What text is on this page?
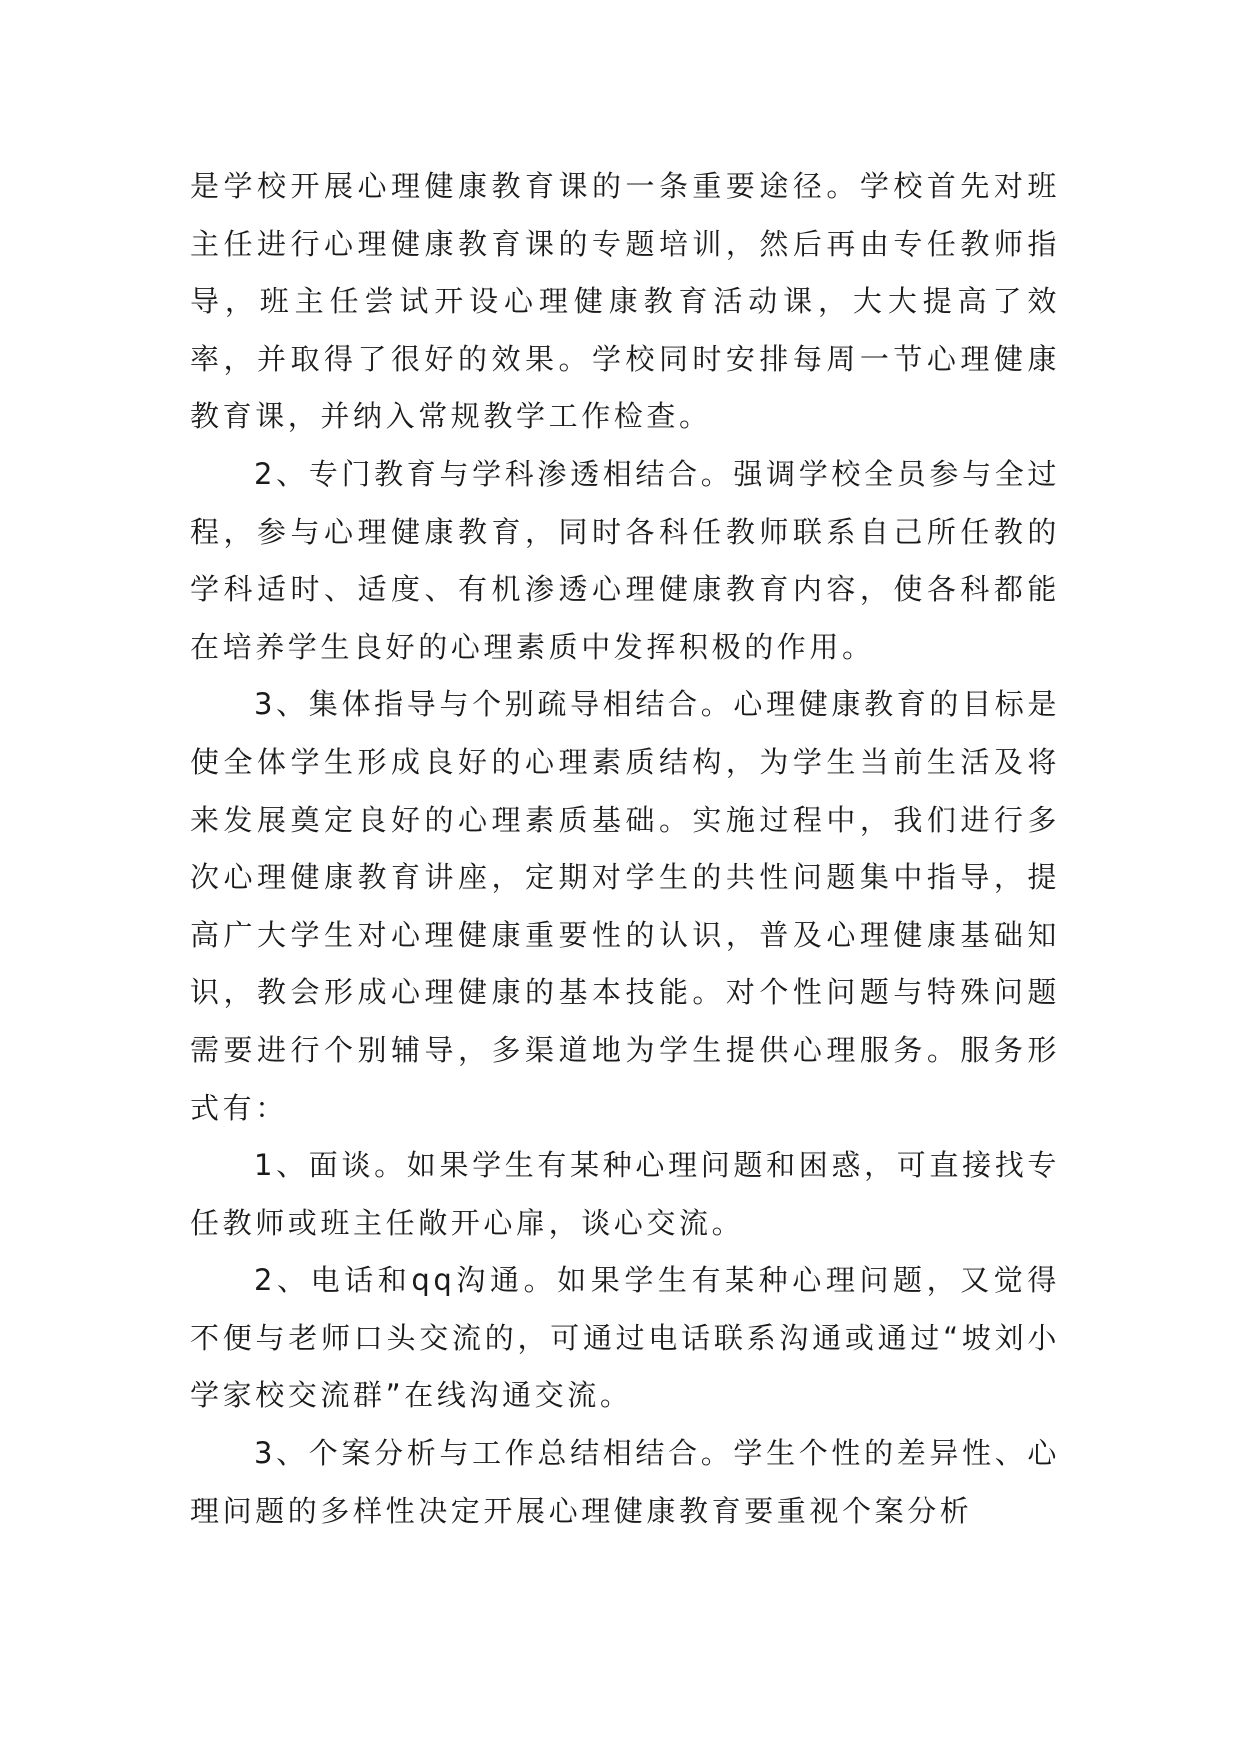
是学校开展心理健康教育课的一条重要途径。学校首先对班主任进行心理健康教育课的专题培训，然后再由专任教师指导，班主任尝试开设心理健康教育活动课，大大提高了效率，并取得了很好的效果。学校同时安排每周一节心理健康教育课，并纳入常规教学工作检查。

2、专门教育与学科渗透相结合。强调学校全员参与全过程，参与心理健康教育，同时各科任教师联系自己所任教的学科适时、适度、有机渗透心理健康教育内容，使各科都能在培养学生良好的心理素质中发挥积极的作用。

3、集体指导与个别疏导相结合。心理健康教育的目标是使全体学生形成良好的心理素质结构，为学生当前生活及将来发展奠定良好的心理素质基础。实施过程中，我们进行多次心理健康教育讲座，定期对学生的共性问题集中指导，提高广大学生对心理健康重要性的认识，普及心理健康基础知识，教会形成心理健康的基本技能。对个性问题与特殊问题需要进行个别辅导，多渠道地为学生提供心理服务。服务形式有：

1、面谈。如果学生有某种心理问题和困惑，可直接找专任教师或班主任敞开心扉，谈心交流。

2、电话和qq沟通。如果学生有某种心理问题，又觉得不便与老师口头交流的，可通过电话联系沟通或通过“坡刘小学家校交流群”在线沟通交流。

3、个案分析与工作总结相结合。学生个性的差异性、心理问题的多样性决定开展心理健康教育要重视个案分析
